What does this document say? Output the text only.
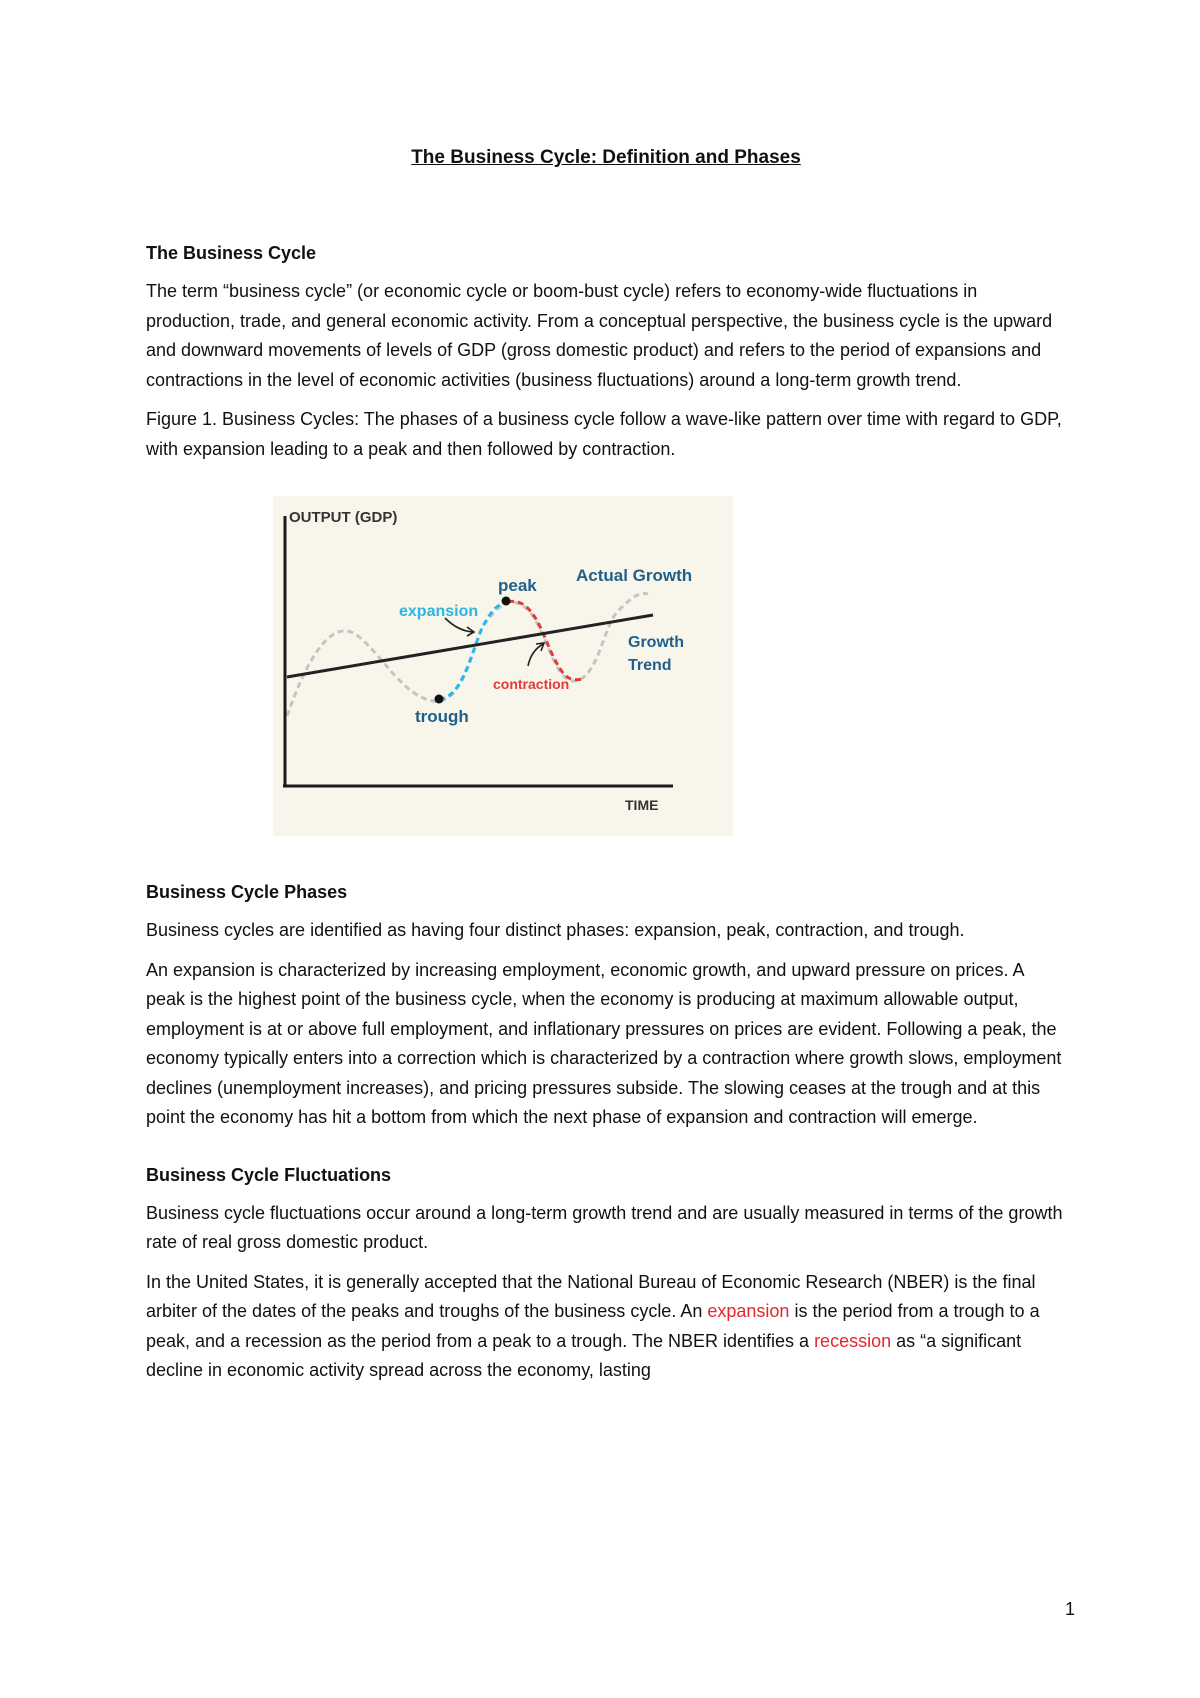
The Business Cycle: Definition and Phases
The Business Cycle

The term “business cycle” (or economic cycle or boom-bust cycle) refers to economy-wide fluctuations in production, trade, and general economic activity. From a conceptual perspective, the business cycle is the upward and downward movements of levels of GDP (gross domestic product) and refers to the period of expansions and contractions in the level of economic activities (business fluctuations) around a long-term growth trend.

Figure 1. Business Cycles: The phases of a business cycle follow a wave-like pattern over time with regard to GDP, with expansion leading to a peak and then followed by contraction.

OUTPUT (GDP)
TIME
peak
trough
expansion
contraction
Actual Growth
Growth
Trend
Business Cycle Phases

Business cycles are identified as having four distinct phases: expansion, peak, contraction, and trough.

An expansion is characterized by increasing employment, economic growth, and upward pressure on prices. A peak is the highest point of the business cycle, when the economy is producing at maximum allowable output, employment is at or above full employment, and inflationary pressures on prices are evident. Following a peak, the economy typically enters into a correction which is characterized by a contraction where growth slows, employment declines (unemployment increases), and pricing pressures subside. The slowing ceases at the trough and at this point the economy has hit a bottom from which the next phase of expansion and contraction will emerge.

Business Cycle Fluctuations

Business cycle fluctuations occur around a long-term growth trend and are usually measured in terms of the growth rate of real gross domestic product.

In the United States, it is generally accepted that the National Bureau of Economic Research (NBER) is the final arbiter of the dates of the peaks and troughs of the business cycle. An expansion is the period from a trough to a peak, and a recession as the period from a peak to a trough. The NBER identifies a recession as “a significant decline in economic activity spread across the economy, lasting

1
